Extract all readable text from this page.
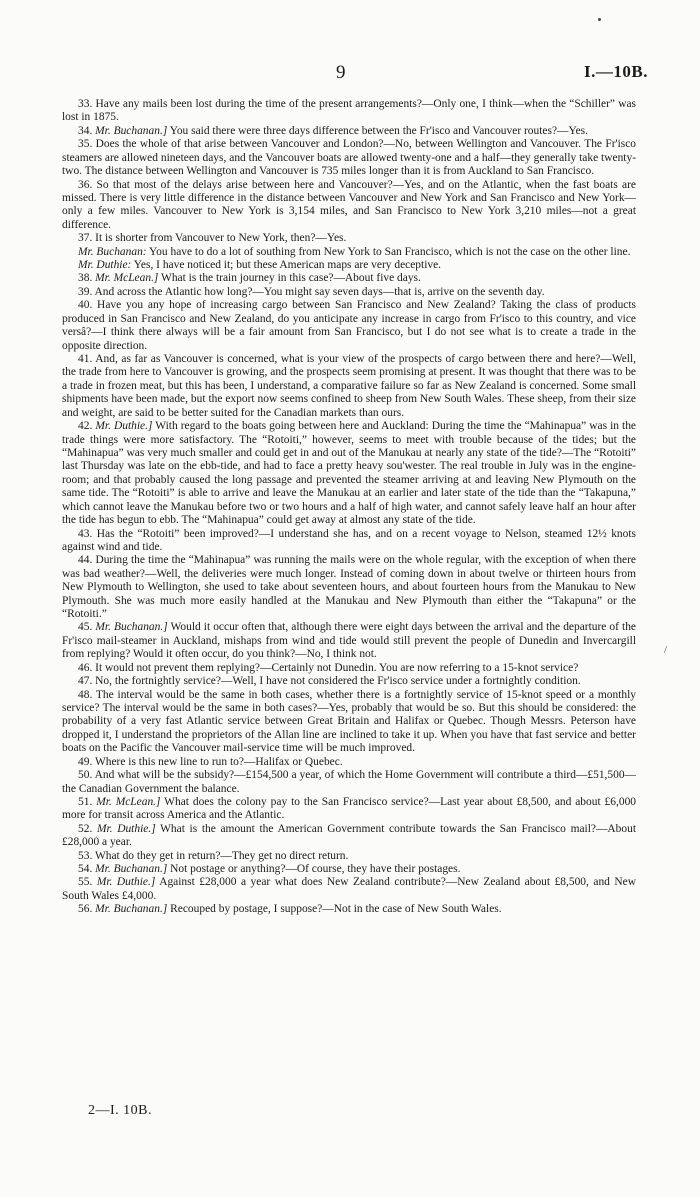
9	I.—10B.

33. Have any mails been lost during the time of the present arrangements?—Only one, I think—when the “Schiller” was lost in 1875.

34. Mr. Buchanan.] You said there were three days difference between the Fr'isco and Vancouver routes?—Yes.

35. Does the whole of that arise between Vancouver and London?—No, between Wellington and Vancouver. The Fr'isco steamers are allowed nineteen days, and the Vancouver boats are allowed twenty-one and a half—they generally take twenty-two. The distance between Wellington and Vancouver is 735 miles longer than it is from Auckland to San Francisco.

36. So that most of the delays arise between here and Vancouver?—Yes, and on the Atlantic, when the fast boats are missed. There is very little difference in the distance between Vancouver and New York and San Francisco and New York—only a few miles. Vancouver to New York is 3,154 miles, and San Francisco to New York 3,210 miles—not a great difference.

37. It is shorter from Vancouver to New York, then?—Yes.

Mr. Buchanan: You have to do a lot of southing from New York to San Francisco, which is not the case on the other line.

Mr. Duthie: Yes, I have noticed it; but these American maps are very deceptive.

38. Mr. McLean.] What is the train journey in this case?—About five days.

39. And across the Atlantic how long?—You might say seven days—that is, arrive on the seventh day.

40. Have you any hope of increasing cargo between San Francisco and New Zealand? Taking the class of products produced in San Francisco and New Zealand, do you anticipate any increase in cargo from Fr'isco to this country, and vice versâ?—I think there always will be a fair amount from San Francisco, but I do not see what is to create a trade in the opposite direction.

41. And, as far as Vancouver is concerned, what is your view of the prospects of cargo between there and here?—Well, the trade from here to Vancouver is growing, and the prospects seem promising at present. It was thought that there was to be a trade in frozen meat, but this has been, I understand, a comparative failure so far as New Zealand is concerned. Some small shipments have been made, but the export now seems confined to sheep from New South Wales. These sheep, from their size and weight, are said to be better suited for the Canadian markets than ours.

42. Mr. Duthie.] With regard to the boats going between here and Auckland: During the time the “Mahinapua” was in the trade things were more satisfactory. The “Rotoiti,” however, seems to meet with trouble because of the tides; but the “Mahinapua” was very much smaller and could get in and out of the Manukau at nearly any state of the tide?—The “Rotoiti” last Thursday was late on the ebb-tide, and had to face a pretty heavy sou'wester. The real trouble in July was in the engine-room; and that probably caused the long passage and prevented the steamer arriving at and leaving New Plymouth on the same tide. The “Rotoiti” is able to arrive and leave the Manukau at an earlier and later state of the tide than the “Takapuna,” which cannot leave the Manukau before two or two hours and a half of high water, and cannot safely leave half an hour after the tide has begun to ebb. The “Mahinapua” could get away at almost any state of the tide.

43. Has the “Rotoiti” been improved?—I understand she has, and on a recent voyage to Nelson, steamed 12½ knots against wind and tide.

44. During the time the “Mahinapua” was running the mails were on the whole regular, with the exception of when there was bad weather?—Well, the deliveries were much longer. Instead of coming down in about twelve or thirteen hours from New Plymouth to Wellington, she used to take about seventeen hours, and about fourteen hours from the Manukau to New Plymouth. She was much more easily handled at the Manukau and New Plymouth than either the “Takapuna” or the “Rotoiti.”

45. Mr. Buchanan.] Would it occur often that, although there were eight days between the arrival and the departure of the Fr'isco mail-steamer in Auckland, mishaps from wind and tide would still prevent the people of Dunedin and Invercargill from replying? Would it often occur, do you think?—No, I think not.

46. It would not prevent them replying?—Certainly not Dunedin. You are now referring to a 15-knot service?

47. No, the fortnightly service?—Well, I have not considered the Fr'isco service under a fortnightly condition.

48. The interval would be the same in both cases, whether there is a fortnightly service of 15-knot speed or a monthly service? The interval would be the same in both cases?—Yes, probably that would be so. But this should be considered: the probability of a very fast Atlantic service between Great Britain and Halifax or Quebec. Though Messrs. Peterson have dropped it, I understand the proprietors of the Allan line are inclined to take it up. When you have that fast service and better boats on the Pacific the Vancouver mail-service time will be much improved.

49. Where is this new line to run to?—Halifax or Quebec.

50. And what will be the subsidy?—£154,500 a year, of which the Home Government will contribute a third—£51,500—the Canadian Government the balance.

51. Mr. McLean.] What does the colony pay to the San Francisco service?—Last year about £8,500, and about £6,000 more for transit across America and the Atlantic.

52. Mr. Duthie.] What is the amount the American Government contribute towards the San Francisco mail?—About £28,000 a year.

53. What do they get in return?—They get no direct return.

54. Mr. Buchanan.] Not postage or anything?—Of course, they have their postages.

55. Mr. Duthie.] Against £28,000 a year what does New Zealand contribute?—New Zealand about £8,500, and New South Wales £4,000.

56. Mr. Buchanan.] Recouped by postage, I suppose?—Not in the case of New South Wales.

/
2—I. 10B.
